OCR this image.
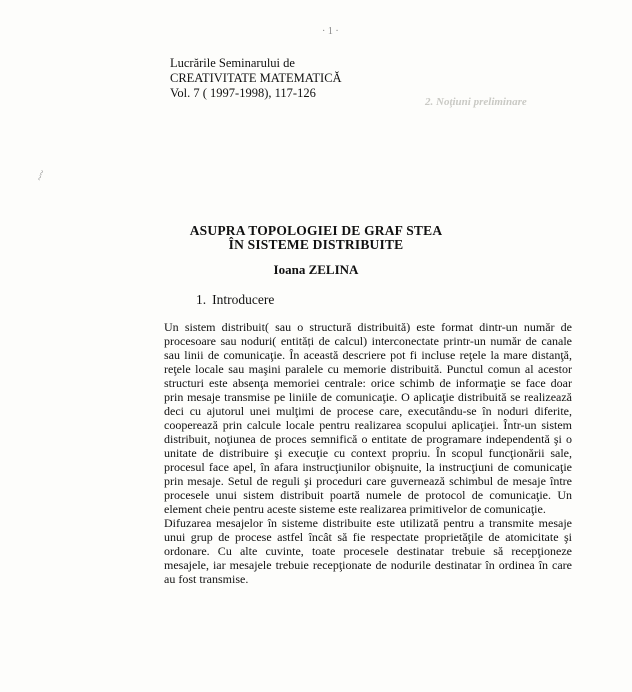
2. Noţiuni preliminare
· 1 ·
~~
Lucrările Seminarului de
CREATIVITATE MATEMATICĂ
Vol. 7 ( 1997-1998), 117-126
ASUPRA TOPOLOGIEI DE GRAF STEA
ÎN SISTEME DISTRIBUITE
Ioana ZELINA
1. Introducere

Un sistem distribuit( sau o structură distribuită) este format dintr-un număr de procesoare sau noduri( entități de calcul) interconectate printr-un număr de canale sau linii de comunicaţie. În această descriere pot fi incluse reţele la mare distanţă, reţele locale sau maşini paralele cu memorie distribuită. Punctul comun al acestor structuri este absenţa memoriei centrale: orice schimb de informaţie se face doar prin mesaje transmise pe liniile de comunicaţie. O aplicaţie distribuită se realizează deci cu ajutorul unei mulţimi de procese care, executându-se în noduri diferite, cooperează prin calcule locale pentru realizarea scopului aplicaţiei. Într-un sistem distribuit, noţiunea de proces semnifică o entitate de programare independentă şi o unitate de distribuire şi execuţie cu context propriu. În scopul funcţionării sale, procesul face apel, în afara instrucţiunilor obişnuite, la instrucţiuni de comunicaţie prin mesaje. Setul de reguli şi proceduri care guvernează schimbul de mesaje între procesele unui sistem distribuit poartă numele de protocol de comunicaţie. Un element cheie pentru aceste sisteme este realizarea primitivelor de comunicaţie.

Difuzarea mesajelor în sisteme distribuite este utilizată pentru a transmite mesaje unui grup de procese astfel încât să fie respectate proprietăţile de atomicitate şi ordonare. Cu alte cuvinte, toate procesele destinatar trebuie să recepţioneze mesajele, iar mesajele trebuie recepţionate de nodurile destinatar în ordinea în care au fost transmise.
